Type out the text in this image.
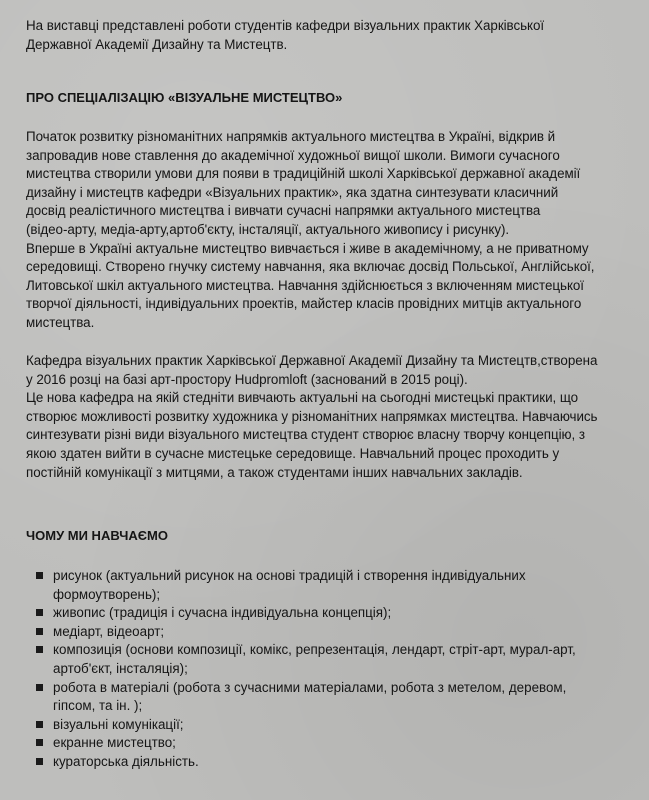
На виставці представлені роботи студентів кафедри візуальних практик Харківської
Державної Академії Дизайну та Мистецтв.
ПРО СПЕЦІАЛІЗАЦІЮ «ВІЗУАЛЬНЕ МИСТЕЦТВО»
Початок розвитку різноманітних напрямків актуального мистецтва в Україні, відкрив й
запровадив нове ставлення до академічної художньої вищої школи. Вимоги сучасного
мистецтва створили умови для появи в традиційній школі Харківської державної академії
дизайну і мистецтв кафедри «Візуальних практик», яка здатна синтезувати класичний
досвід реалістичного мистецтва і вивчати сучасні напрямки актуального мистецтва
(відео-арту, медіа-арту,артоб'єкту, інсталяції, актуального живопису і рисунку).
Вперше в Україні актуальне мистецтво вивчається і живе в академічному, а не приватному
середовищі. Створено гнучку систему навчання, яка включає досвід Польської, Англійської,
Литовської шкіл актуального мистецтва. Навчання здійснюється з включенням мистецької
творчої діяльності, індивідуальних проектів, майстер класів провідних митців актуального
мистецтва.
Кафедра візуальних практик Харківської Державної Академії Дизайну та Мистецтв,створена
у 2016 розці на базі арт-простору Hudpromloft (заснований в 2015 році).
Це нова кафедра на якій стедніти вивчають актуальні на сьогодні мистецькі практики, що
створює можливості розвитку художника у різноманітних напрямках мистецтва. Навчаючись
синтезувати різні види візуального мистецтва студент створює власну творчу концепцію, з
якою здатен вийти в сучасне мистецьке середовище. Навчальний процес проходить у
постійній комунікації з митцями, а також студентами інших навчальних закладів.
ЧОМУ МИ НАВЧАЄМО
рисунок (актуальний рисунок на основі традицій і створення індивідуальних
формоутворень);
живопис (традиція і сучасна індивідуальна концепція);
медіарт, відеоарт;
композиція (основи композиції, комікс, репрезентація, лендарт, стріт-арт, мурал-арт,
артоб'єкт, інсталяція);
робота в матеріалі (робота з сучасними матеріалами, робота з метелом, деревом,
гіпсом, та ін. );
візуальні комунікації;
екранне мистецтво;
кураторська діяльність.
